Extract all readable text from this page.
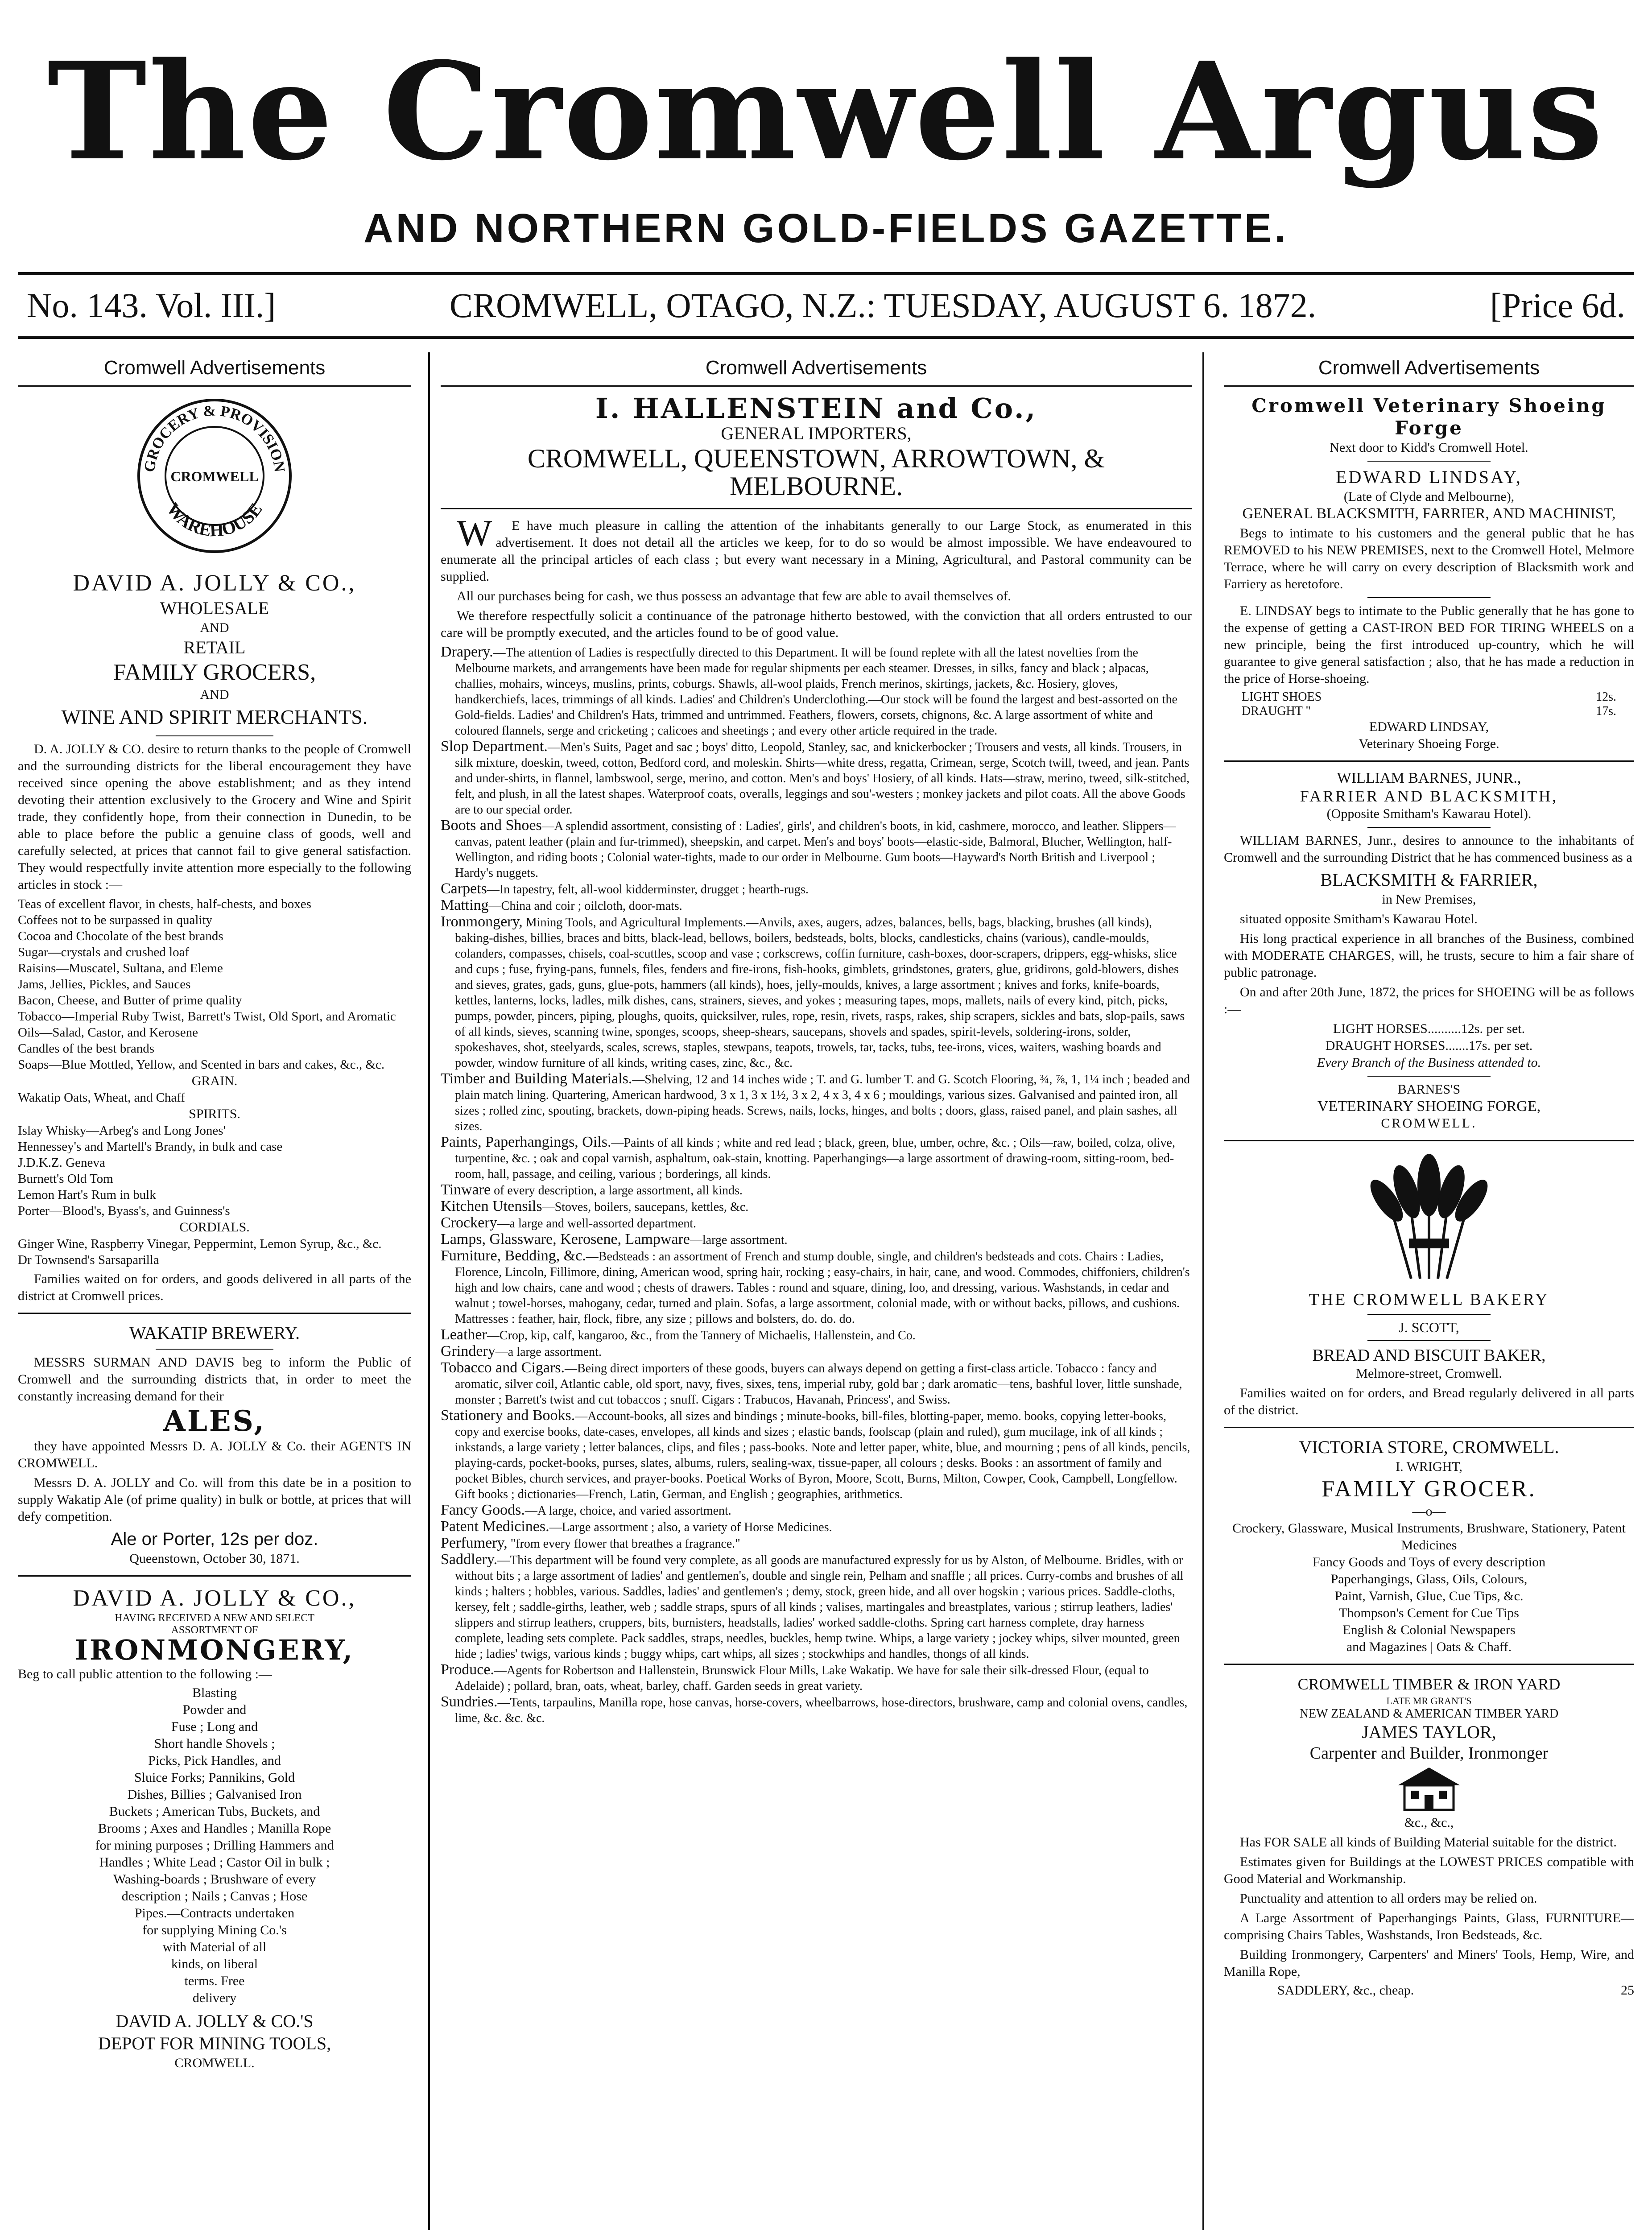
The Cromwell Argus
AND NORTHERN GOLD-FIELDS GAZETTE.
No. 143. Vol. III.]	CROMWELL, OTAGO, N.Z.: TUESDAY, AUGUST 6. 1872.	[Price 6d.
Cromwell Advertisements
GROCERY & PROVISION
WAREHOUSE
CROMWELL
DAVID A. JOLLY & CO.,
WHOLESALE
AND
RETAIL
FAMILY GROCERS,
AND
WINE AND SPIRIT MERCHANTS.

D. A. JOLLY & CO. desire to return thanks to the people of Cromwell and the surrounding districts for the liberal encouragement they have received since opening the above establishment; and as they intend devoting their attention exclusively to the Grocery and Wine and Spirit trade, they confidently hope, from their connection in Dunedin, to be able to place before the public a genuine class of goods, well and carefully selected, at prices that cannot fail to give general satisfaction. They would respectfully invite attention more especially to the following articles in stock :—

Teas of excellent flavor, in chests, half-chests, and boxes

Coffees not to be surpassed in quality

Cocoa and Chocolate of the best brands

Sugar—crystals and crushed loaf

Raisins—Muscatel, Sultana, and Eleme

Jams, Jellies, Pickles, and Sauces

Bacon, Cheese, and Butter of prime quality

Tobacco—Imperial Ruby Twist, Barrett's Twist, Old Sport, and Aromatic

Oils—Salad, Castor, and Kerosene

Candles of the best brands

Soaps—Blue Mottled, Yellow, and Scented in bars and cakes, &c., &c.

GRAIN.

Wakatip Oats, Wheat, and Chaff

SPIRITS.

Islay Whisky—Arbeg's and Long Jones'

Hennessey's and Martell's Brandy, in bulk and case

J.D.K.Z. Geneva

Burnett's Old Tom

Lemon Hart's Rum in bulk

Porter—Blood's, Byass's, and Guinness's

CORDIALS.

Ginger Wine, Raspberry Vinegar, Peppermint, Lemon Syrup, &c., &c.

Dr Townsend's Sarsaparilla

Families waited on for orders, and goods delivered in all parts of the district at Cromwell prices.

WAKATIP BREWERY.

MESSRS SURMAN AND DAVIS beg to inform the Public of Cromwell and the surrounding districts that, in order to meet the constantly increasing demand for their

ALES,

they have appointed Messrs D. A. JOLLY & Co. their AGENTS IN CROMWELL.

Messrs D. A. JOLLY and Co. will from this date be in a position to supply Wakatip Ale (of prime quality) in bulk or bottle, at prices that will defy competition.

Ale or Porter, 12s per doz.
Queenstown, October 30, 1871.
DAVID A. JOLLY & CO.,
HAVING RECEIVED A NEW AND SELECT
ASSORTMENT OF
IRONMONGERY,

Beg to call public attention to the following :—

Blasting

Powder and

Fuse ; Long and

Short handle Shovels ;

Picks, Pick Handles, and

Sluice Forks; Pannikins, Gold

Dishes, Billies ; Galvanised Iron

Buckets ; American Tubs, Buckets, and

Brooms ; Axes and Handles ; Manilla Rope

for mining purposes ; Drilling Hammers and

Handles ; White Lead ; Castor Oil in bulk ;

Washing-boards ; Brushware of every

description ; Nails ; Canvas ; Hose

Pipes.—Contracts undertaken

for supplying Mining Co.'s

with Material of all

kinds, on liberal

terms. Free

delivery

DAVID A. JOLLY & CO.'S
DEPOT FOR MINING TOOLS,
CROMWELL.
Cromwell Advertisements
I. HALLENSTEIN and Co.,
GENERAL IMPORTERS,
CROMWELL, QUEENSTOWN, ARROWTOWN, & MELBOURNE.

WE have much pleasure in calling the attention of the inhabitants generally to our Large Stock, as enumerated in this advertisement. It does not detail all the articles we keep, for to do so would be almost impossible. We have endeavoured to enumerate all the principal articles of each class ; but every want necessary in a Mining, Agricultural, and Pastoral community can be supplied.

All our purchases being for cash, we thus possess an advantage that few are able to avail themselves of.

We therefore respectfully solicit a continuance of the patronage hitherto bestowed, with the conviction that all orders entrusted to our care will be promptly executed, and the articles found to be of good value.

Drapery.—The attention of Ladies is respectfully directed to this Department. It will be found replete with all the latest novelties from the Melbourne markets, and arrangements have been made for regular shipments per each steamer. Dresses, in silks, fancy and black ; alpacas, challies, mohairs, winceys, muslins, prints, coburgs. Shawls, all-wool plaids, French merinos, skirtings, jackets, &c. Hosiery, gloves, handkerchiefs, laces, trimmings of all kinds. Ladies' and Children's Underclothing.—Our stock will be found the largest and best-assorted on the Gold-fields. Ladies' and Children's Hats, trimmed and untrimmed. Feathers, flowers, corsets, chignons, &c. A large assortment of white and coloured flannels, serge and cricketing ; calicoes and sheetings ; and every other article required in the trade.

Slop Department.—Men's Suits, Paget and sac ; boys' ditto, Leopold, Stanley, sac, and knickerbocker ; Trousers and vests, all kinds. Trousers, in silk mixture, doeskin, tweed, cotton, Bedford cord, and moleskin. Shirts—white dress, regatta, Crimean, serge, Scotch twill, tweed, and jean. Pants and under-shirts, in flannel, lambswool, serge, merino, and cotton. Men's and boys' Hosiery, of all kinds. Hats—straw, merino, tweed, silk-stitched, felt, and plush, in all the latest shapes. Waterproof coats, overalls, leggings and sou'-westers ; monkey jackets and pilot coats. All the above Goods are to our special order.

Boots and Shoes—A splendid assortment, consisting of : Ladies', girls', and children's boots, in kid, cashmere, morocco, and leather. Slippers—canvas, patent leather (plain and fur-trimmed), sheepskin, and carpet. Men's and boys' boots—elastic-side, Balmoral, Blucher, Wellington, half-Wellington, and riding boots ; Colonial water-tights, made to our order in Melbourne. Gum boots—Hayward's North British and Liverpool ; Hardy's nuggets.

Carpets—In tapestry, felt, all-wool kidderminster, drugget ; hearth-rugs.

Matting—China and coir ; oilcloth, door-mats.

Ironmongery, Mining Tools, and Agricultural Implements.—Anvils, axes, augers, adzes, balances, bells, bags, blacking, brushes (all kinds), baking-dishes, billies, braces and bitts, black-lead, bellows, boilers, bedsteads, bolts, blocks, candlesticks, chains (various), candle-moulds, colanders, compasses, chisels, coal-scuttles, scoop and vase ; corkscrews, coffin furniture, cash-boxes, door-scrapers, drippers, egg-whisks, slice and cups ; fuse, frying-pans, funnels, files, fenders and fire-irons, fish-hooks, gimblets, grindstones, graters, glue, gridirons, gold-blowers, dishes and sieves, grates, gads, guns, glue-pots, hammers (all kinds), hoes, jelly-moulds, knives, a large assortment ; knives and forks, knife-boards, kettles, lanterns, locks, ladles, milk dishes, cans, strainers, sieves, and yokes ; measuring tapes, mops, mallets, nails of every kind, pitch, picks, pumps, powder, pincers, piping, ploughs, quoits, quicksilver, rules, rope, resin, rivets, rasps, rakes, ship scrapers, sickles and bats, slop-pails, saws of all kinds, sieves, scanning twine, sponges, scoops, sheep-shears, saucepans, shovels and spades, spirit-levels, soldering-irons, solder, spokeshaves, shot, steelyards, scales, screws, staples, stewpans, teapots, trowels, tar, tacks, tubs, tee-irons, vices, waiters, washing boards and powder, window furniture of all kinds, writing cases, zinc, &c., &c.

Timber and Building Materials.—Shelving, 12 and 14 inches wide ; T. and G. lumber T. and G. Scotch Flooring, ¾, ⅞, 1, 1¼ inch ; beaded and plain match lining. Quartering, American hardwood, 3 x 1, 3 x 1½, 3 x 2, 4 x 3, 4 x 6 ; mouldings, various sizes. Galvanised and painted iron, all sizes ; rolled zinc, spouting, brackets, down-piping heads. Screws, nails, locks, hinges, and bolts ; doors, glass, raised panel, and plain sashes, all sizes.

Paints, Paperhangings, Oils.—Paints of all kinds ; white and red lead ; black, green, blue, umber, ochre, &c. ; Oils—raw, boiled, colza, olive, turpentine, &c. ; oak and copal varnish, asphaltum, oak-stain, knotting. Paperhangings—a large assortment of drawing-room, sitting-room, bed-room, hall, passage, and ceiling, various ; borderings, all kinds.

Tinware of every description, a large assortment, all kinds.

Kitchen Utensils—Stoves, boilers, saucepans, kettles, &c.

Crockery—a large and well-assorted department.

Lamps, Glassware, Kerosene, Lampware—large assortment.

Furniture, Bedding, &c.—Bedsteads : an assortment of French and stump double, single, and children's bedsteads and cots. Chairs : Ladies, Florence, Lincoln, Fillimore, dining, American wood, spring hair, rocking ; easy-chairs, in hair, cane, and wood. Commodes, chiffoniers, children's high and low chairs, cane and wood ; chests of drawers. Tables : round and square, dining, loo, and dressing, various. Washstands, in cedar and walnut ; towel-horses, mahogany, cedar, turned and plain. Sofas, a large assortment, colonial made, with or without backs, pillows, and cushions. Mattresses : feather, hair, flock, fibre, any size ; pillows and bolsters, do. do. do.

Leather—Crop, kip, calf, kangaroo, &c., from the Tannery of Michaelis, Hallenstein, and Co.

Grindery—a large assortment.

Tobacco and Cigars.—Being direct importers of these goods, buyers can always depend on getting a first-class article. Tobacco : fancy and aromatic, silver coil, Atlantic cable, old sport, navy, fives, sixes, tens, imperial ruby, gold bar ; dark aromatic—tens, bashful lover, little sunshade, monster ; Barrett's twist and cut tobaccos ; snuff. Cigars : Trabucos, Havanah, Princess', and Swiss.

Stationery and Books.—Account-books, all sizes and bindings ; minute-books, bill-files, blotting-paper, memo. books, copying letter-books, copy and exercise books, date-cases, envelopes, all kinds and sizes ; elastic bands, foolscap (plain and ruled), gum mucilage, ink of all kinds ; inkstands, a large variety ; letter balances, clips, and files ; pass-books. Note and letter paper, white, blue, and mourning ; pens of all kinds, pencils, playing-cards, pocket-books, purses, slates, albums, rulers, sealing-wax, tissue-paper, all colours ; desks. Books : an assortment of family and pocket Bibles, church services, and prayer-books. Poetical Works of Byron, Moore, Scott, Burns, Milton, Cowper, Cook, Campbell, Longfellow. Gift books ; dictionaries—French, Latin, German, and English ; geographies, arithmetics.

Fancy Goods.—A large, choice, and varied assortment.

Patent Medicines.—Large assortment ; also, a variety of Horse Medicines.

Perfumery, "from every flower that breathes a fragrance."

Saddlery.—This department will be found very complete, as all goods are manufactured expressly for us by Alston, of Melbourne. Bridles, with or without bits ; a large assortment of ladies' and gentlemen's, double and single rein, Pelham and snaffle ; all prices. Curry-combs and brushes of all kinds ; halters ; hobbles, various. Saddles, ladies' and gentlemen's ; demy, stock, green hide, and all over hogskin ; various prices. Saddle-cloths, kersey, felt ; saddle-girths, leather, web ; saddle straps, spurs of all kinds ; valises, martingales and breastplates, various ; stirrup leathers, ladies' slippers and stirrup leathers, cruppers, bits, burnisters, headstalls, ladies' worked saddle-cloths. Spring cart harness complete, dray harness complete, leading sets complete. Pack saddles, straps, needles, buckles, hemp twine. Whips, a large variety ; jockey whips, silver mounted, green hide ; ladies' twigs, various kinds ; buggy whips, cart whips, all sizes ; stockwhips and handles, thongs of all kinds.

Produce.—Agents for Robertson and Hallenstein, Brunswick Flour Mills, Lake Wakatip. We have for sale their silk-dressed Flour, (equal to Adelaide) ; pollard, bran, oats, wheat, barley, chaff. Garden seeds in great variety.

Sundries.—Tents, tarpaulins, Manilla rope, hose canvas, horse-covers, wheelbarrows, hose-directors, brushware, camp and colonial ovens, candles, lime, &c. &c. &c.

Cromwell Advertisements
Cromwell Veterinary Shoeing Forge
Next door to Kidd's Cromwell Hotel.
EDWARD LINDSAY,
(Late of Clyde and Melbourne),
GENERAL BLACKSMITH, FARRIER, AND MACHINIST,

Begs to intimate to his customers and the general public that he has REMOVED to his NEW PREMISES, next to the Cromwell Hotel, Melmore Terrace, where he will carry on every description of Blacksmith work and Farriery as heretofore.

E. LINDSAY begs to intimate to the Public generally that he has gone to the expense of getting a CAST-IRON BED FOR TIRING WHEELS on a new principle, being the first introduced up-country, which he will guarantee to give general satisfaction ; also, that he has made a reduction in the price of Horse-shoeing.

LIGHT SHOES	12s.
DRAUGHT "	17s.
EDWARD LINDSAY,
Veterinary Shoeing Forge.
WILLIAM BARNES, JUNR.,
FARRIER AND BLACKSMITH,
(Opposite Smitham's Kawarau Hotel).

WILLIAM BARNES, Junr., desires to announce to the inhabitants of Cromwell and the surrounding District that he has commenced business as a

BLACKSMITH & FARRIER,
in New Premises,

situated opposite Smitham's Kawarau Hotel.

His long practical experience in all branches of the Business, combined with MODERATE CHARGES, will, he trusts, secure to him a fair share of public patronage.

On and after 20th June, 1872, the prices for SHOEING will be as follows :—

LIGHT HORSES..........12s. per set.
DRAUGHT HORSES.......17s. per set.
Every Branch of the Business attended to.
BARNES'S
VETERINARY SHOEING FORGE,
CROMWELL.
THE CROMWELL BAKERY
J. SCOTT,
BREAD AND BISCUIT BAKER,
Melmore-street, Cromwell.

Families waited on for orders, and Bread regularly delivered in all parts of the district.

VICTORIA STORE, CROMWELL.
I. WRIGHT,
FAMILY GROCER.
—o—
Crockery, Glassware, Musical Instruments, Brushware, Stationery, Patent Medicines
Fancy Goods and Toys of every description
Paperhangings, Glass, Oils, Colours,
Paint, Varnish, Glue, Cue Tips, &c.
Thompson's Cement for Cue Tips
English & Colonial Newspapers
and Magazines | Oats & Chaff.
CROMWELL TIMBER & IRON YARD
LATE MR GRANT'S
NEW ZEALAND & AMERICAN TIMBER YARD
JAMES TAYLOR,
Carpenter and Builder, Ironmonger
&c., &c.,

Has FOR SALE all kinds of Building Material suitable for the district.

Estimates given for Buildings at the LOWEST PRICES compatible with Good Material and Workmanship.

Punctuality and attention to all orders may be relied on.

A Large Assortment of Paperhangings Paints, Glass, FURNITURE—comprising Chairs Tables, Washstands, Iron Bedsteads, &c.

Building Ironmongery, Carpenters' and Miners' Tools, Hemp, Wire, and Manilla Rope,

SADDLERY, &c., cheap.	25
